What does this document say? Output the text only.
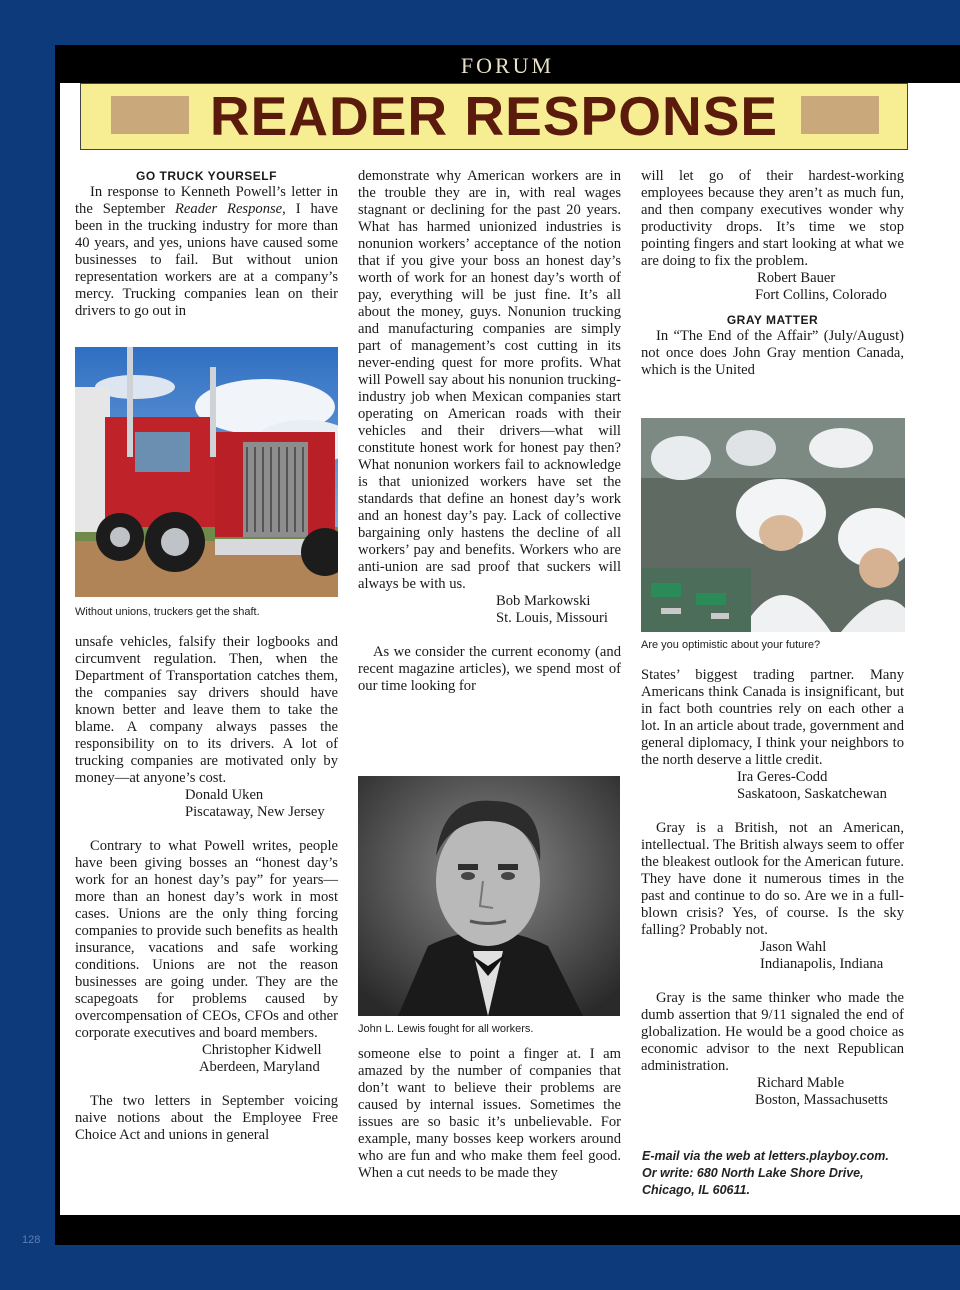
FORUM
READER RESPONSE
GO TRUCK YOURSELF

In response to Kenneth Powell’s letter in the September Reader Response, I have been in the trucking industry for more than 40 years, and yes, unions have caused some businesses to fail. But without union representation workers are at a company’s mercy. Trucking companies lean on their drivers to go out in

Without unions, truckers get the shaft.

unsafe vehicles, falsify their logbooks and circumvent regulation. Then, when the Department of Transportation catches them, the companies say drivers should have known better and leave them to take the blame. A company always passes the responsibility on to its drivers. A lot of trucking companies are motivated only by money—at anyone’s cost.

Donald Uken
Piscataway, New Jersey

Contrary to what Powell writes, people have been giving bosses an “honest day’s work for an honest day’s pay” for years—more than an honest day’s work in most cases. Unions are the only thing forcing companies to provide such benefits as health insurance, vacations and safe working conditions. Unions are not the reason businesses are going under. They are the scapegoats for problems caused by overcompensation of CEOs, CFOs and other corporate executives and board members.

Christopher Kidwell
Aberdeen, Maryland

The two letters in September voicing naive notions about the Employee Free Choice Act and unions in general

demonstrate why American workers are in the trouble they are in, with real wages stagnant or declining for the past 20 years. What has harmed unionized industries is nonunion workers’ acceptance of the notion that if you give your boss an honest day’s worth of work for an honest day’s worth of pay, everything will be just fine. It’s all about the money, guys. Nonunion trucking and manufacturing companies are simply part of management’s cost cutting in its never-ending quest for more profits. What will Powell say about his nonunion trucking-industry job when Mexican companies start operating on American roads with their vehicles and their drivers—what will constitute honest work for honest pay then? What nonunion workers fail to acknowledge is that unionized workers have set the standards that define an honest day’s work and an honest day’s pay. Lack of collective bargaining only hastens the decline of all workers’ pay and benefits. Workers who are anti-union are sad proof that suckers will always be with us.

Bob Markowski
St. Louis, Missouri

As we consider the current economy (and recent magazine articles), we spend most of our time looking for

John L. Lewis fought for all workers.

someone else to point a finger at. I am amazed by the number of companies that don’t want to believe their problems are caused by internal issues. Sometimes the issues are so basic it’s unbelievable. For example, many bosses keep workers around who are fun and who make them feel good. When a cut needs to be made they

will let go of their hardest-working employees because they aren’t as much fun, and then company executives wonder why productivity drops. It’s time we stop pointing fingers and start looking at what we are doing to fix the problem.

Robert Bauer
Fort Collins, Colorado
GRAY MATTER

In “The End of the Affair” (July/August) not once does John Gray mention Canada, which is the United

Are you optimistic about your future?

States’ biggest trading partner. Many Americans think Canada is insignificant, but in fact both countries rely on each other a lot. In an article about trade, government and general diplomacy, I think your neighbors to the north deserve a little credit.

Ira Geres-Codd
Saskatoon, Saskatchewan

Gray is a British, not an American, intellectual. The British always seem to offer the bleakest outlook for the American future. They have done it numerous times in the past and continue to do so. Are we in a full-blown crisis? Yes, of course. Is the sky falling? Probably not.

Jason Wahl
Indianapolis, Indiana

Gray is the same thinker who made the dumb assertion that 9/11 signaled the end of globalization. He would be a good choice as economic advisor to the next Republican administration.

Richard Mable
Boston, Massachusetts
E-mail via the web at letters.playboy.com.
Or write: 680 North Lake Shore Drive,
Chicago, IL 60611.
128
